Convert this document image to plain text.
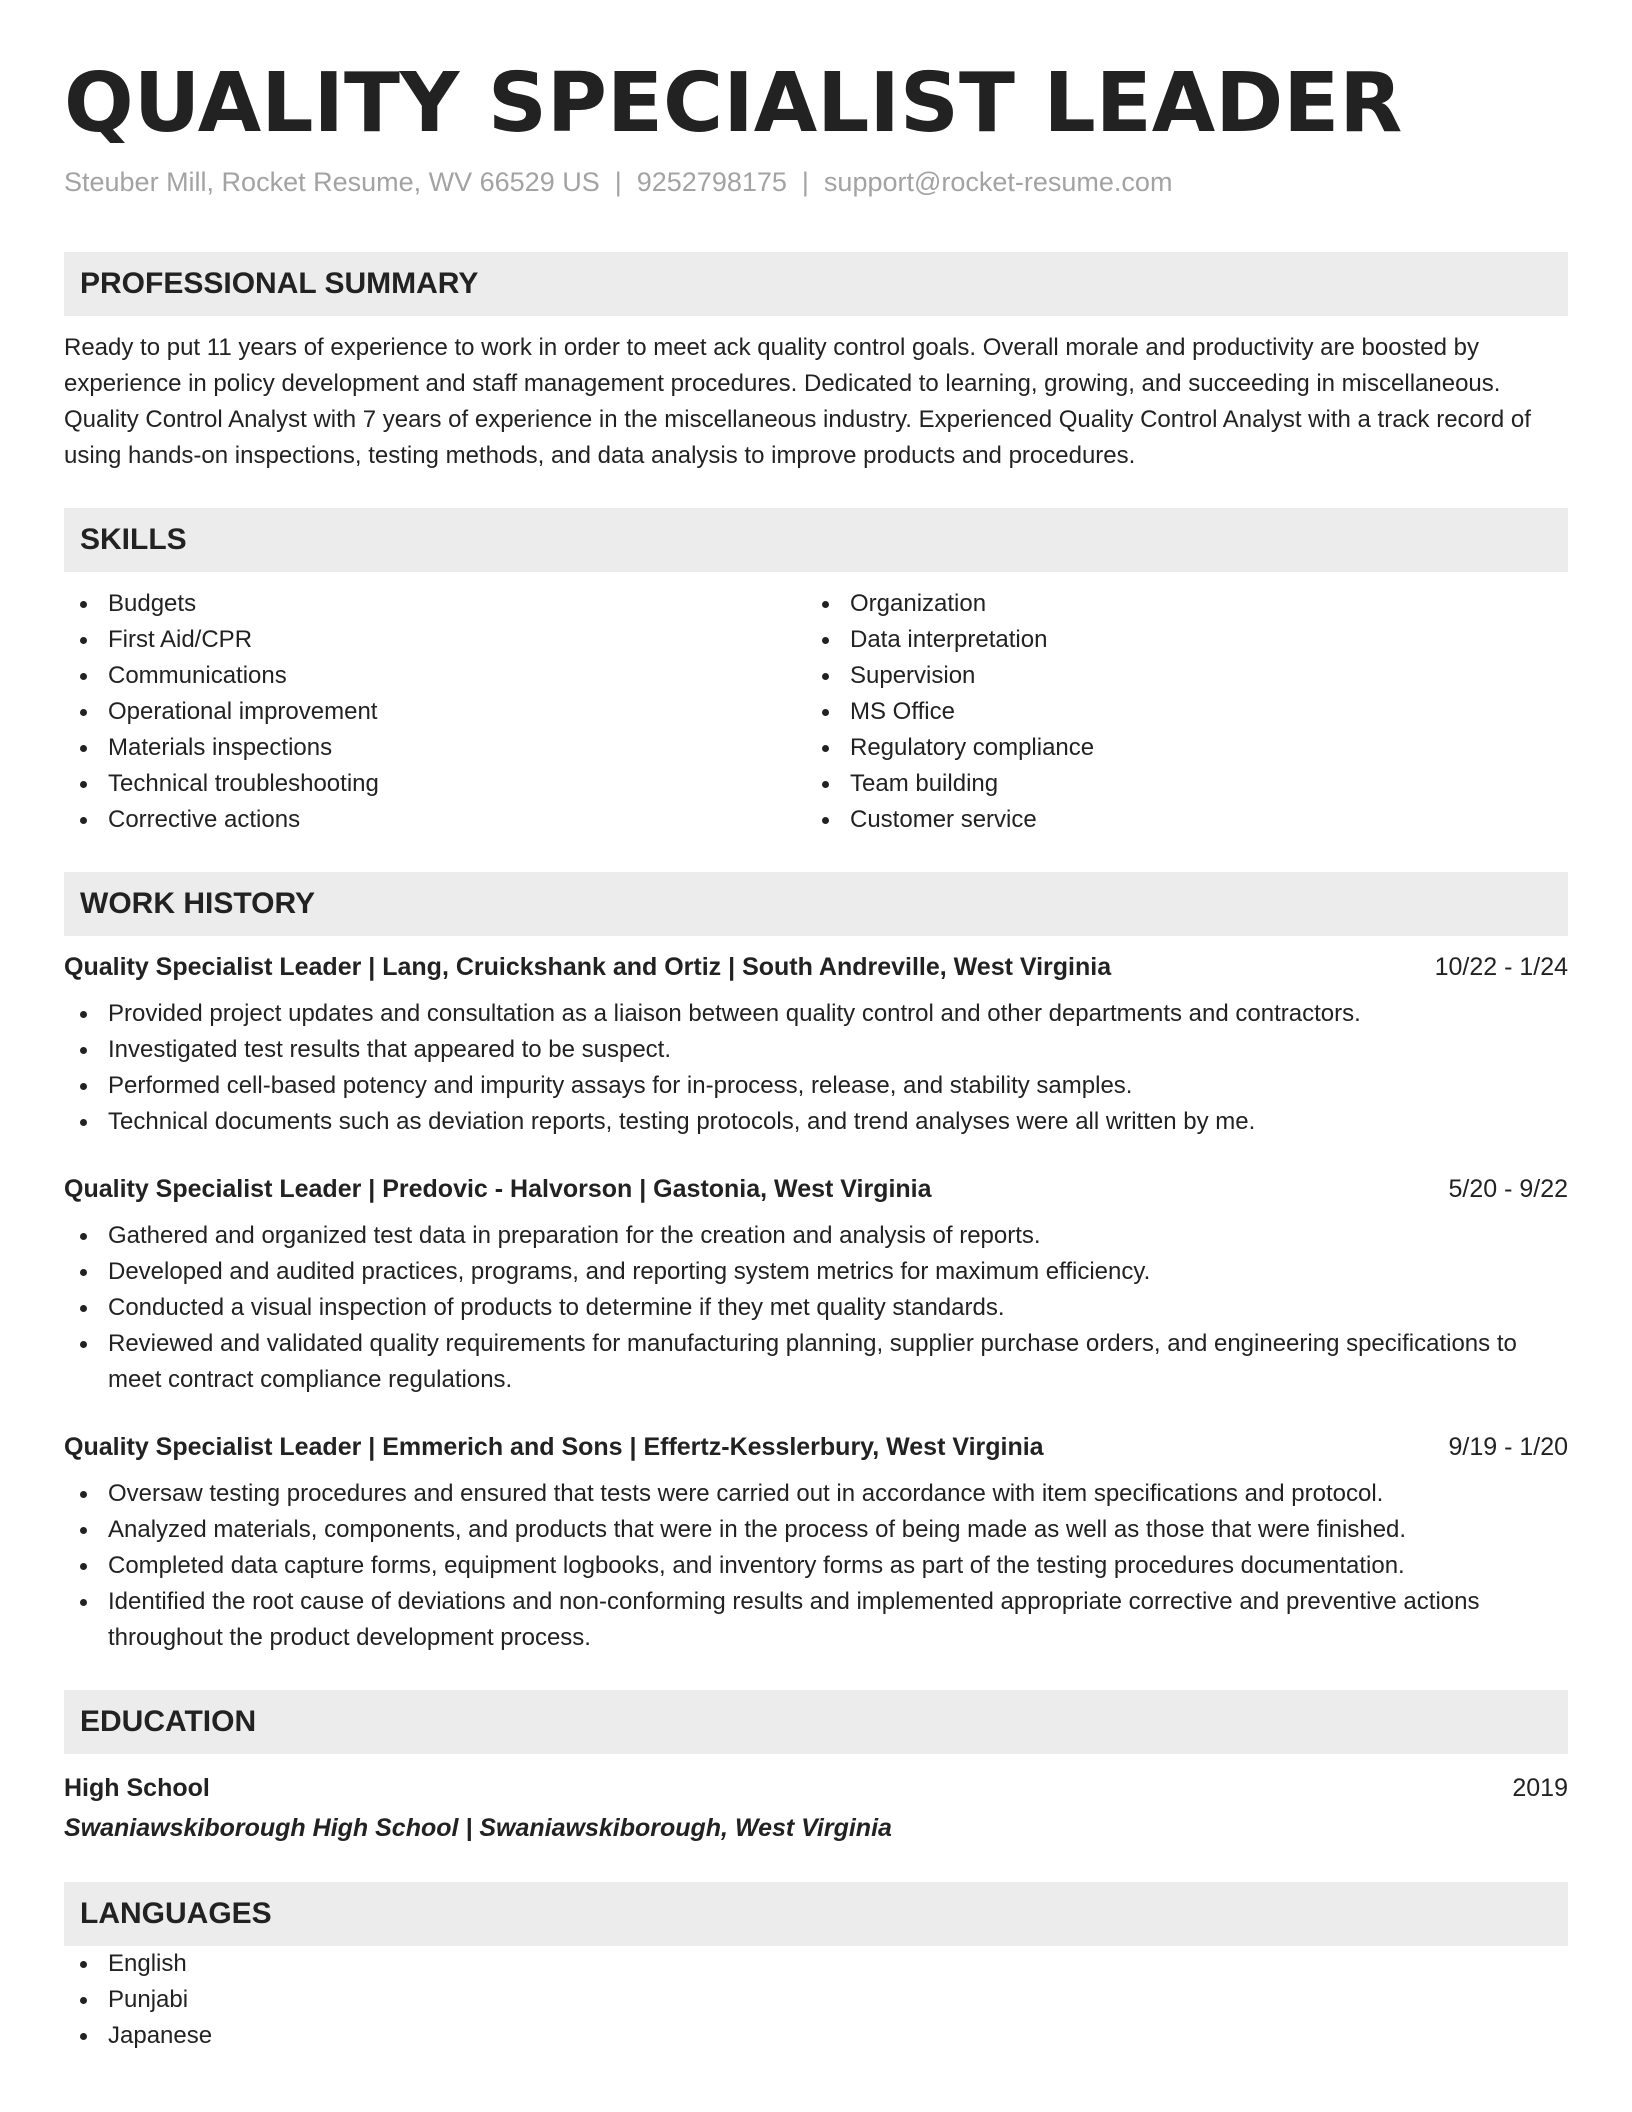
QUALITY SPECIALIST LEADER
Steuber Mill, Rocket Resume, WV 66529 US | 9252798175 | support@rocket-resume.com
PROFESSIONAL SUMMARY
Ready to put 11 years of experience to work in order to meet ack quality control goals. Overall morale and productivity are boosted by experience in policy development and staff management procedures. Dedicated to learning, growing, and succeeding in miscellaneous. Quality Control Analyst with 7 years of experience in the miscellaneous industry. Experienced Quality Control Analyst with a track record of using hands-on inspections, testing methods, and data analysis to improve products and procedures.
SKILLS
Budgets
First Aid/CPR
Communications
Operational improvement
Materials inspections
Technical troubleshooting
Corrective actions
Organization
Data interpretation
Supervision
MS Office
Regulatory compliance
Team building
Customer service
WORK HISTORY
Quality Specialist Leader | Lang, Cruickshank and Ortiz | South Andreville, West Virginia	10/22 - 1/24
Provided project updates and consultation as a liaison between quality control and other departments and contractors.
Investigated test results that appeared to be suspect.
Performed cell-based potency and impurity assays for in-process, release, and stability samples.
Technical documents such as deviation reports, testing protocols, and trend analyses were all written by me.
Quality Specialist Leader | Predovic - Halvorson | Gastonia, West Virginia	5/20 - 9/22
Gathered and organized test data in preparation for the creation and analysis of reports.
Developed and audited practices, programs, and reporting system metrics for maximum efficiency.
Conducted a visual inspection of products to determine if they met quality standards.
Reviewed and validated quality requirements for manufacturing planning, supplier purchase orders, and engineering specifications to meet contract compliance regulations.
Quality Specialist Leader | Emmerich and Sons | Effertz-Kesslerbury, West Virginia	9/19 - 1/20
Oversaw testing procedures and ensured that tests were carried out in accordance with item specifications and protocol.
Analyzed materials, components, and products that were in the process of being made as well as those that were finished.
Completed data capture forms, equipment logbooks, and inventory forms as part of the testing procedures documentation.
Identified the root cause of deviations and non-conforming results and implemented appropriate corrective and preventive actions throughout the product development process.
EDUCATION
High School	2019
Swaniawskiborough High School | Swaniawskiborough, West Virginia
LANGUAGES
English
Punjabi
Japanese
